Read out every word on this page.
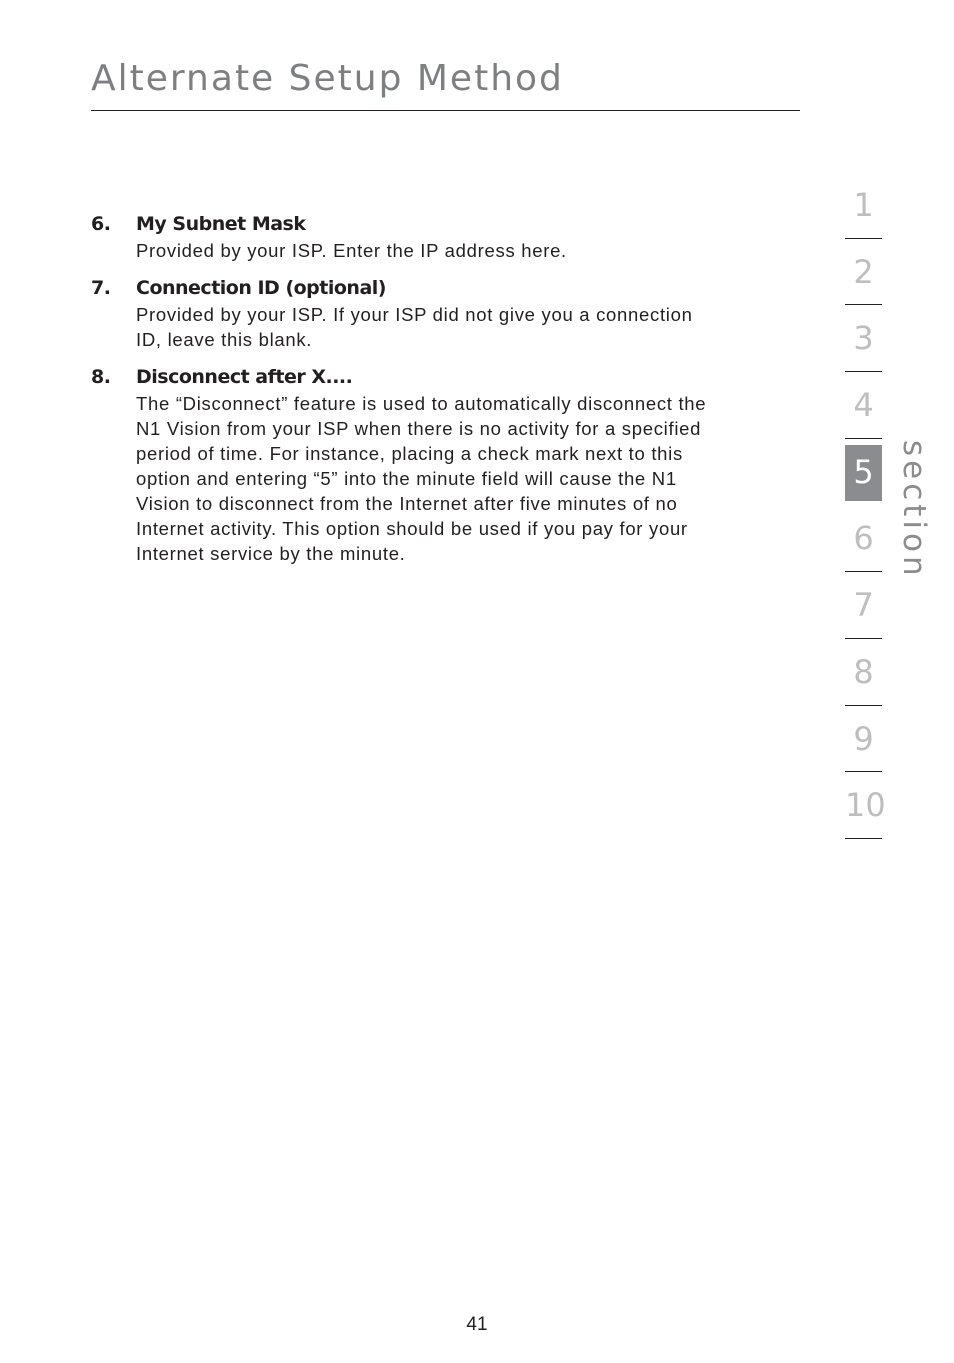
Alternate Setup Method
6. My Subnet Mask
Provided by your ISP. Enter the IP address here.
7. Connection ID (optional)
Provided by your ISP. If your ISP did not give you a connection
ID, leave this blank.
8. Disconnect after X....
The “Disconnect” feature is used to automatically disconnect the
N1 Vision from your ISP when there is no activity for a specified
period of time. For instance, placing a check mark next to this
option and entering “5” into the minute field will cause the N1
Vision to disconnect from the Internet after five minutes of no
Internet activity. This option should be used if you pay for your
Internet service by the minute.
1
2
3
4
5
6
7
8
9
10
section
41
